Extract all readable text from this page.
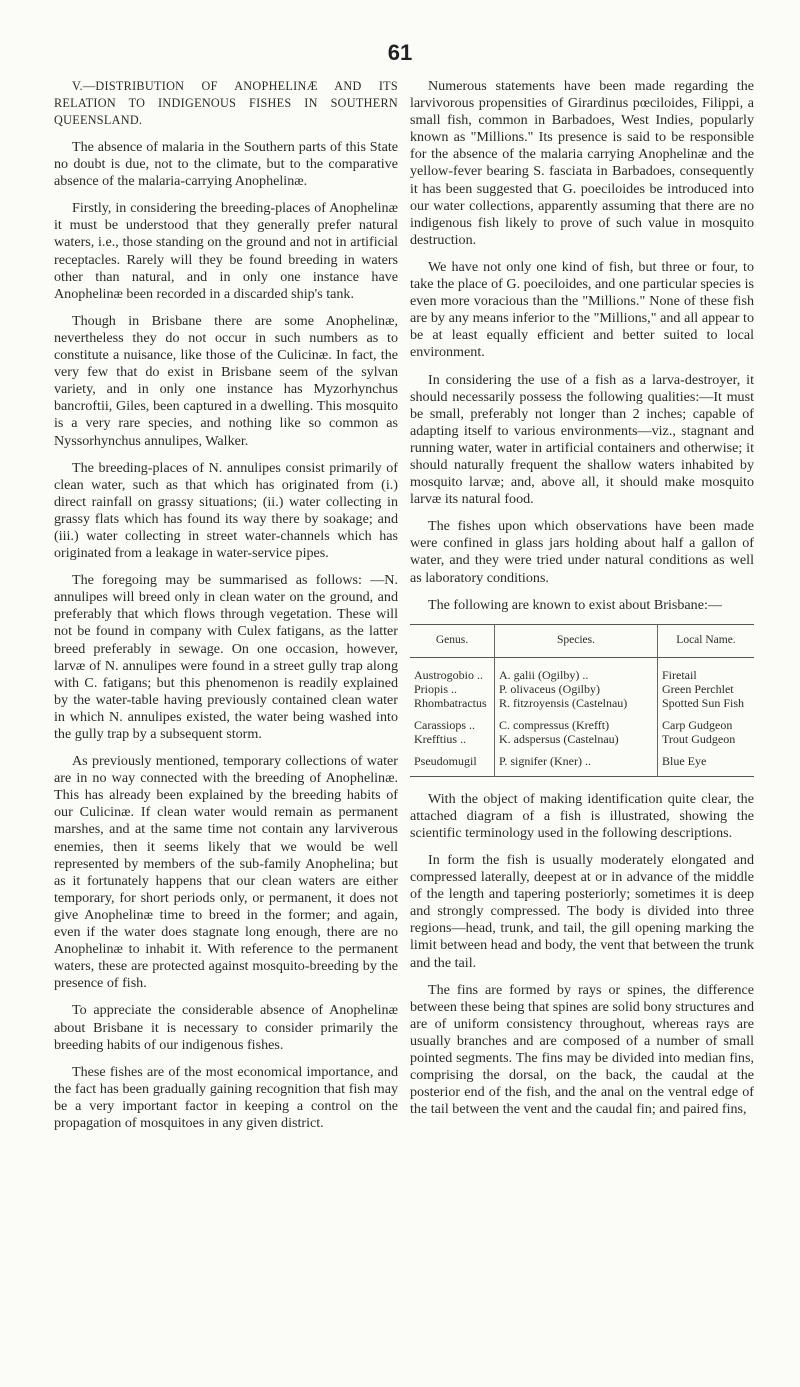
61

V.—DISTRIBUTION OF ANOPHELINÆ AND ITS RELATION TO INDIGENOUS FISHES IN SOUTHERN QUEENSLAND.

The absence of malaria in the Southern parts of this State no doubt is due, not to the climate, but to the comparative absence of the malaria-carrying Anophelinæ.

Firstly, in considering the breeding-places of Anophelinæ it must be understood that they generally prefer natural waters, i.e., those standing on the ground and not in artificial receptacles. Rarely will they be found breeding in waters other than natural, and in only one instance have Anophelinæ been recorded in a discarded ship's tank.

Though in Brisbane there are some Anophelinæ, nevertheless they do not occur in such numbers as to constitute a nuisance, like those of the Culicinæ. In fact, the very few that do exist in Brisbane seem of the sylvan variety, and in only one instance has Myzorhynchus bancroftii, Giles, been captured in a dwelling. This mosquito is a very rare species, and nothing like so common as Nyssorhynchus annulipes, Walker.

The breeding-places of N. annulipes consist primarily of clean water, such as that which has originated from (i.) direct rainfall on grassy situations; (ii.) water collecting in grassy flats which has found its way there by soakage; and (iii.) water collecting in street water-channels which has originated from a leakage in water-service pipes.

The foregoing may be summarised as follows: —N. annulipes will breed only in clean water on the ground, and preferably that which flows through vegetation. These will not be found in company with Culex fatigans, as the latter breed preferably in sewage. On one occasion, however, larvæ of N. annulipes were found in a street gully trap along with C. fatigans; but this phenomenon is readily explained by the water-table having previously contained clean water in which N. annulipes existed, the water being washed into the gully trap by a subsequent storm.

As previously mentioned, temporary collections of water are in no way connected with the breeding of Anophelinæ. This has already been explained by the breeding habits of our Culicinæ. If clean water would remain as permanent marshes, and at the same time not contain any larviverous enemies, then it seems likely that we would be well represented by members of the sub-family Anophelina; but as it fortunately happens that our clean waters are either temporary, for short periods only, or permanent, it does not give Anophelinæ time to breed in the former; and again, even if the water does stagnate long enough, there are no Anophelinæ to inhabit it. With reference to the permanent waters, these are protected against mosquito-breeding by the presence of fish.

To appreciate the considerable absence of Anophelinæ about Brisbane it is necessary to consider primarily the breeding habits of our indigenous fishes.

These fishes are of the most economical importance, and the fact has been gradually gaining recognition that fish may be a very important factor in keeping a control on the propagation of mosquitoes in any given district.

Numerous statements have been made regarding the larvivorous propensities of Girardinus pœciloides, Filippi, a small fish, common in Barbadoes, West Indies, popularly known as "Millions." Its presence is said to be responsible for the absence of the malaria carrying Anophelinæ and the yellow-fever bearing S. fasciata in Barbadoes, consequently it has been suggested that G. poeciloides be introduced into our water collections, apparently assuming that there are no indigenous fish likely to prove of such value in mosquito destruction.

We have not only one kind of fish, but three or four, to take the place of G. poeciloides, and one particular species is even more voracious than the "Millions." None of these fish are by any means inferior to the "Millions," and all appear to be at least equally efficient and better suited to local environment.

In considering the use of a fish as a larva-destroyer, it should necessarily possess the following qualities:—It must be small, preferably not longer than 2 inches; capable of adapting itself to various environments—viz., stagnant and running water, water in artificial containers and otherwise; it should naturally frequent the shallow waters inhabited by mosquito larvæ; and, above all, it should make mosquito larvæ its natural food.

The fishes upon which observations have been made were confined in glass jars holding about half a gallon of water, and they were tried under natural conditions as well as laboratory conditions.

The following are known to exist about Brisbane:—

Genus.	Species.	Local Name.
Austrogobio ..	A. galii (Ogilby) ..	Firetail
Priopis ..	P. olivaceus (Ogilby)	Green Perchlet
Rhombatractus	R. fitzroyensis (Castelnau)	Spotted Sun Fish
Carassiops ..	C. compressus (Krefft)	Carp Gudgeon
Krefftius ..	K. adspersus (Castelnau)	Trout Gudgeon
Pseudomugil	P. signifer (Kner) ..	Blue Eye

With the object of making identification quite clear, the attached diagram of a fish is illustrated, showing the scientific terminology used in the following descriptions.

In form the fish is usually moderately elongated and compressed laterally, deepest at or in advance of the middle of the length and tapering posteriorly; sometimes it is deep and strongly compressed. The body is divided into three regions—head, trunk, and tail, the gill opening marking the limit between head and body, the vent that between the trunk and the tail.

The fins are formed by rays or spines, the difference between these being that spines are solid bony structures and are of uniform consistency throughout, whereas rays are usually branches and are composed of a number of small pointed segments. The fins may be divided into median fins, comprising the dorsal, on the back, the caudal at the posterior end of the fish, and the anal on the ventral edge of the tail between the vent and the caudal fin; and paired fins,
